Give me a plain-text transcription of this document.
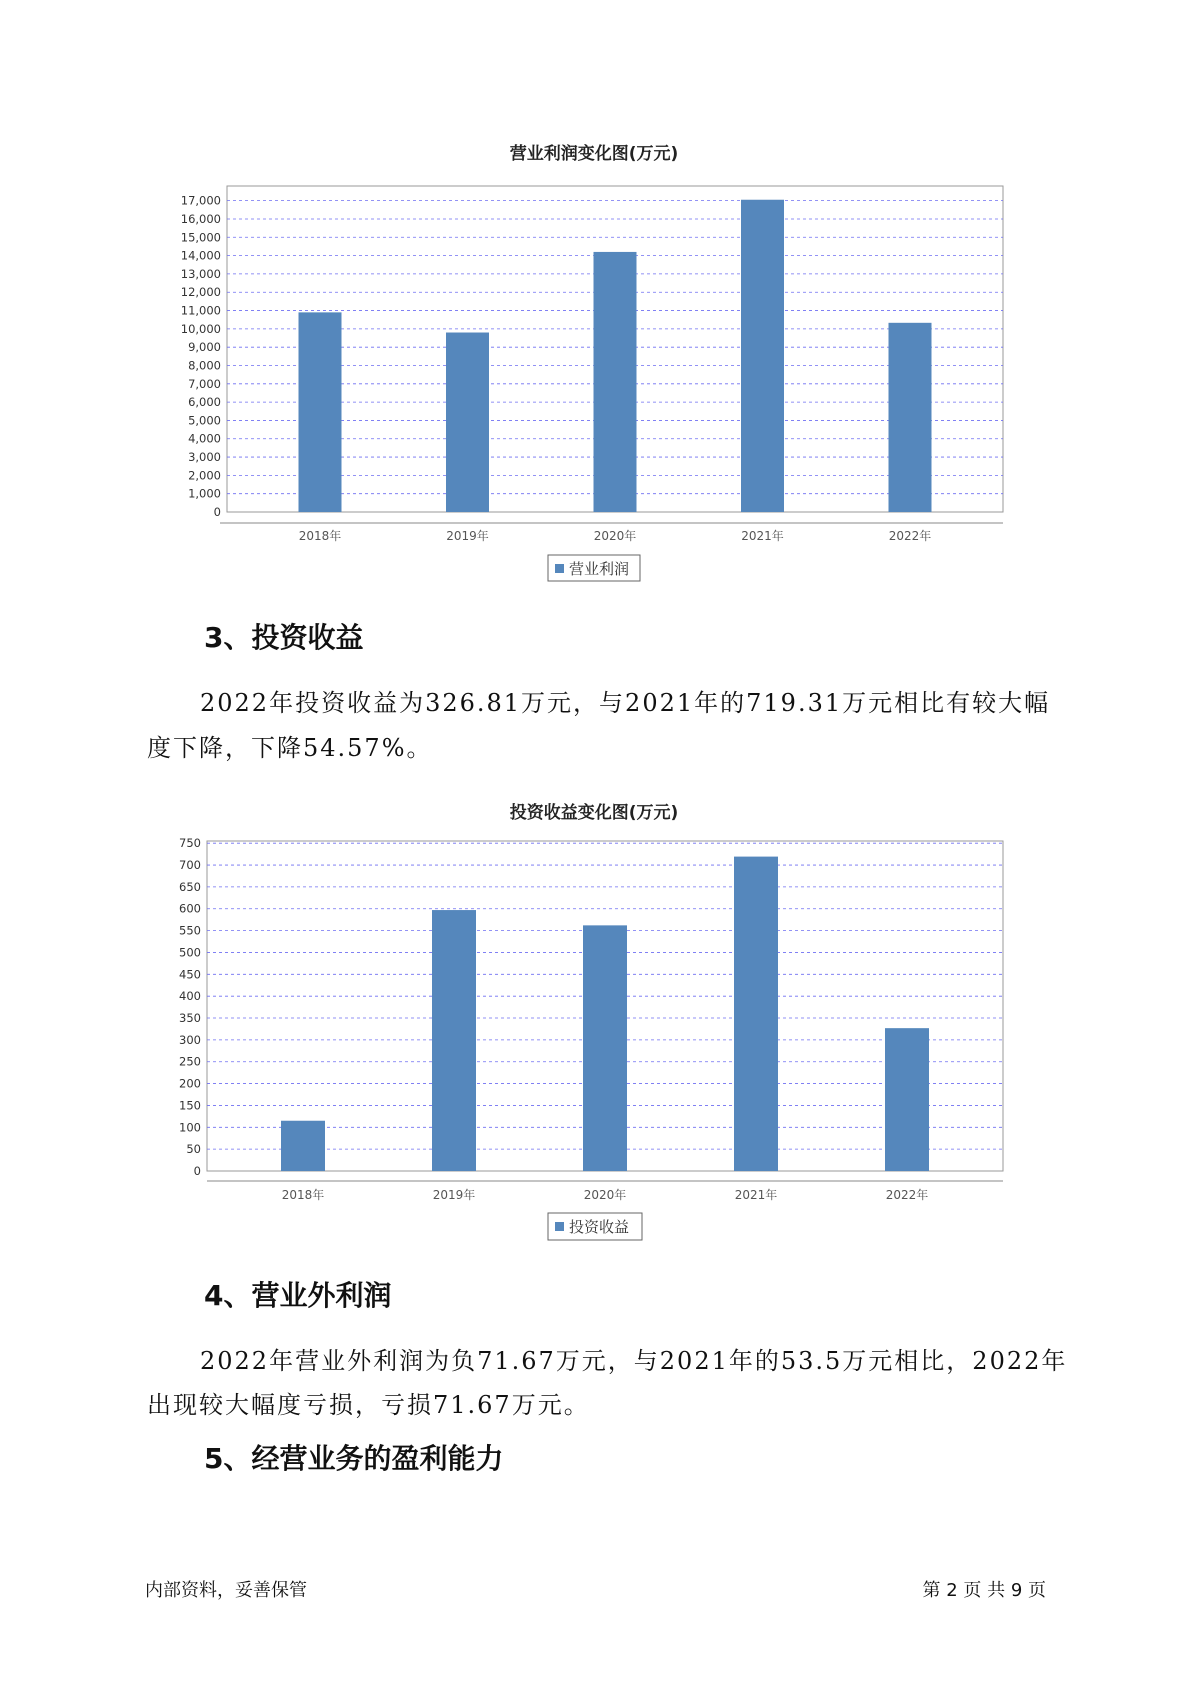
营业利润变化图(万元)
0
1,000
2,000
3,000
4,000
5,000
6,000
7,000
8,000
9,000
10,000
11,000
12,000
13,000
14,000
15,000
16,000
17,000
2018年	2019年	2020年	2021年	2022年
营业利润
3、投资收益
2022年投资收益为326.81万元，与2021年的719.31万元相比有较大幅
度下降，下降54.57%。
投资收益变化图(万元)
0
50
100
150
200
250
300
350
400
450
500
550
600
650
700
750
2018年	2019年	2020年	2021年	2022年
投资收益
4、营业外利润
2022年营业外利润为负71.67万元，与2021年的53.5万元相比，2022年
出现较大幅度亏损，亏损71.67万元。
5、经营业务的盈利能力
内部资料，妥善保管	第 2 页 共 9 页
